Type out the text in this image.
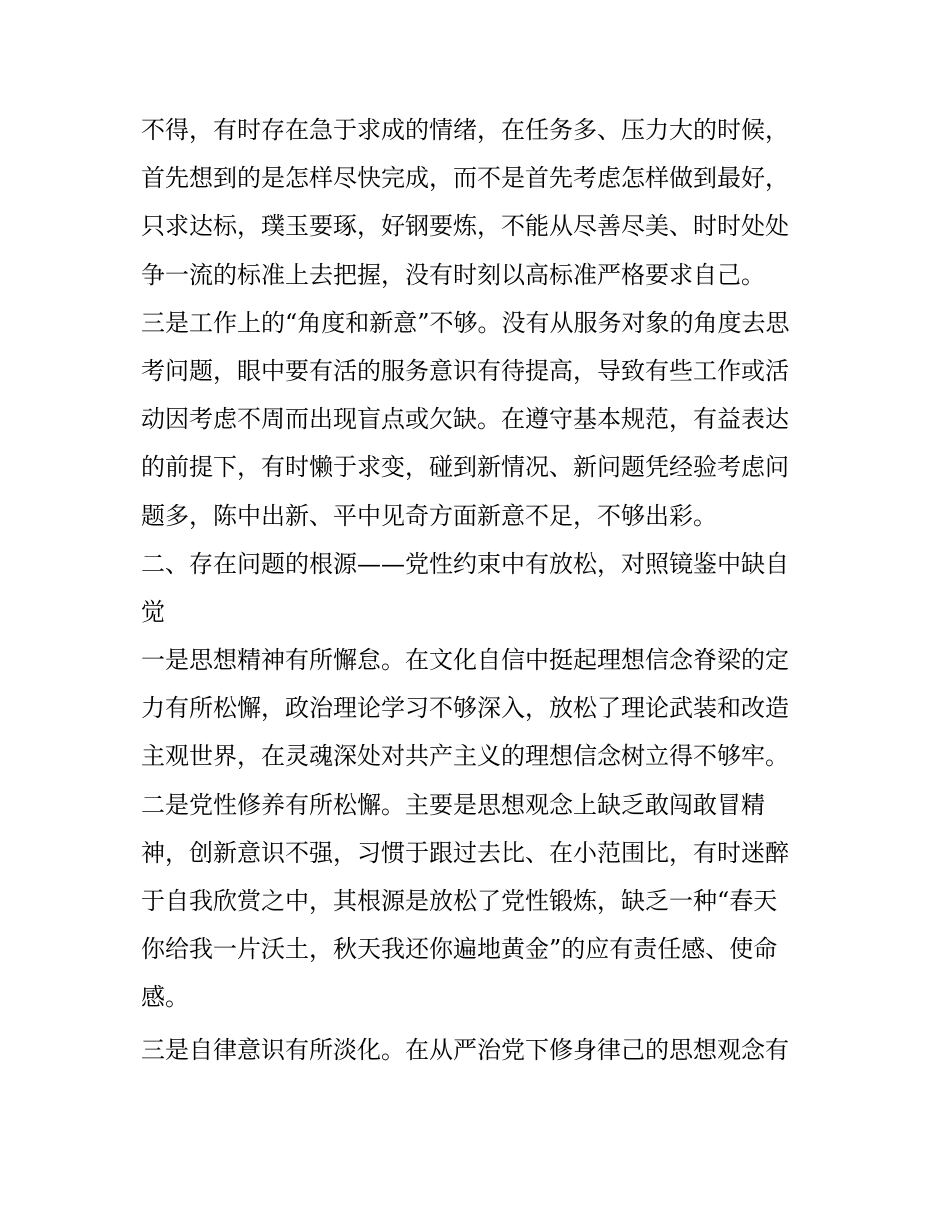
不得，有时存在急于求成的情绪，在任务多、压力大的时候，
首先想到的是怎样尽快完成，而不是首先考虑怎样做到最好，
只求达标，璞玉要琢，好钢要炼，不能从尽善尽美、时时处处
争一流的标准上去把握，没有时刻以高标准严格要求自己。
三是工作上的“角度和新意”不够。没有从服务对象的角度去思
考问题，眼中要有活的服务意识有待提高，导致有些工作或活
动因考虑不周而出现盲点或欠缺。在遵守基本规范，有益表达
的前提下，有时懒于求变，碰到新情况、新问题凭经验考虑问
题多，陈中出新、平中见奇方面新意不足，不够出彩。
二、存在问题的根源——党性约束中有放松，对照镜鉴中缺自
觉
一是思想精神有所懈怠。在文化自信中挺起理想信念脊梁的定
力有所松懈，政治理论学习不够深入，放松了理论武装和改造
主观世界，在灵魂深处对共产主义的理想信念树立得不够牢。
二是党性修养有所松懈。主要是思想观念上缺乏敢闯敢冒精
神，创新意识不强，习惯于跟过去比、在小范围比，有时迷醉
于自我欣赏之中，其根源是放松了党性锻炼，缺乏一种“春天
你给我一片沃土，秋天我还你遍地黄金”的应有责任感、使命
感。
三是自律意识有所淡化。在从严治党下修身律己的思想观念有
